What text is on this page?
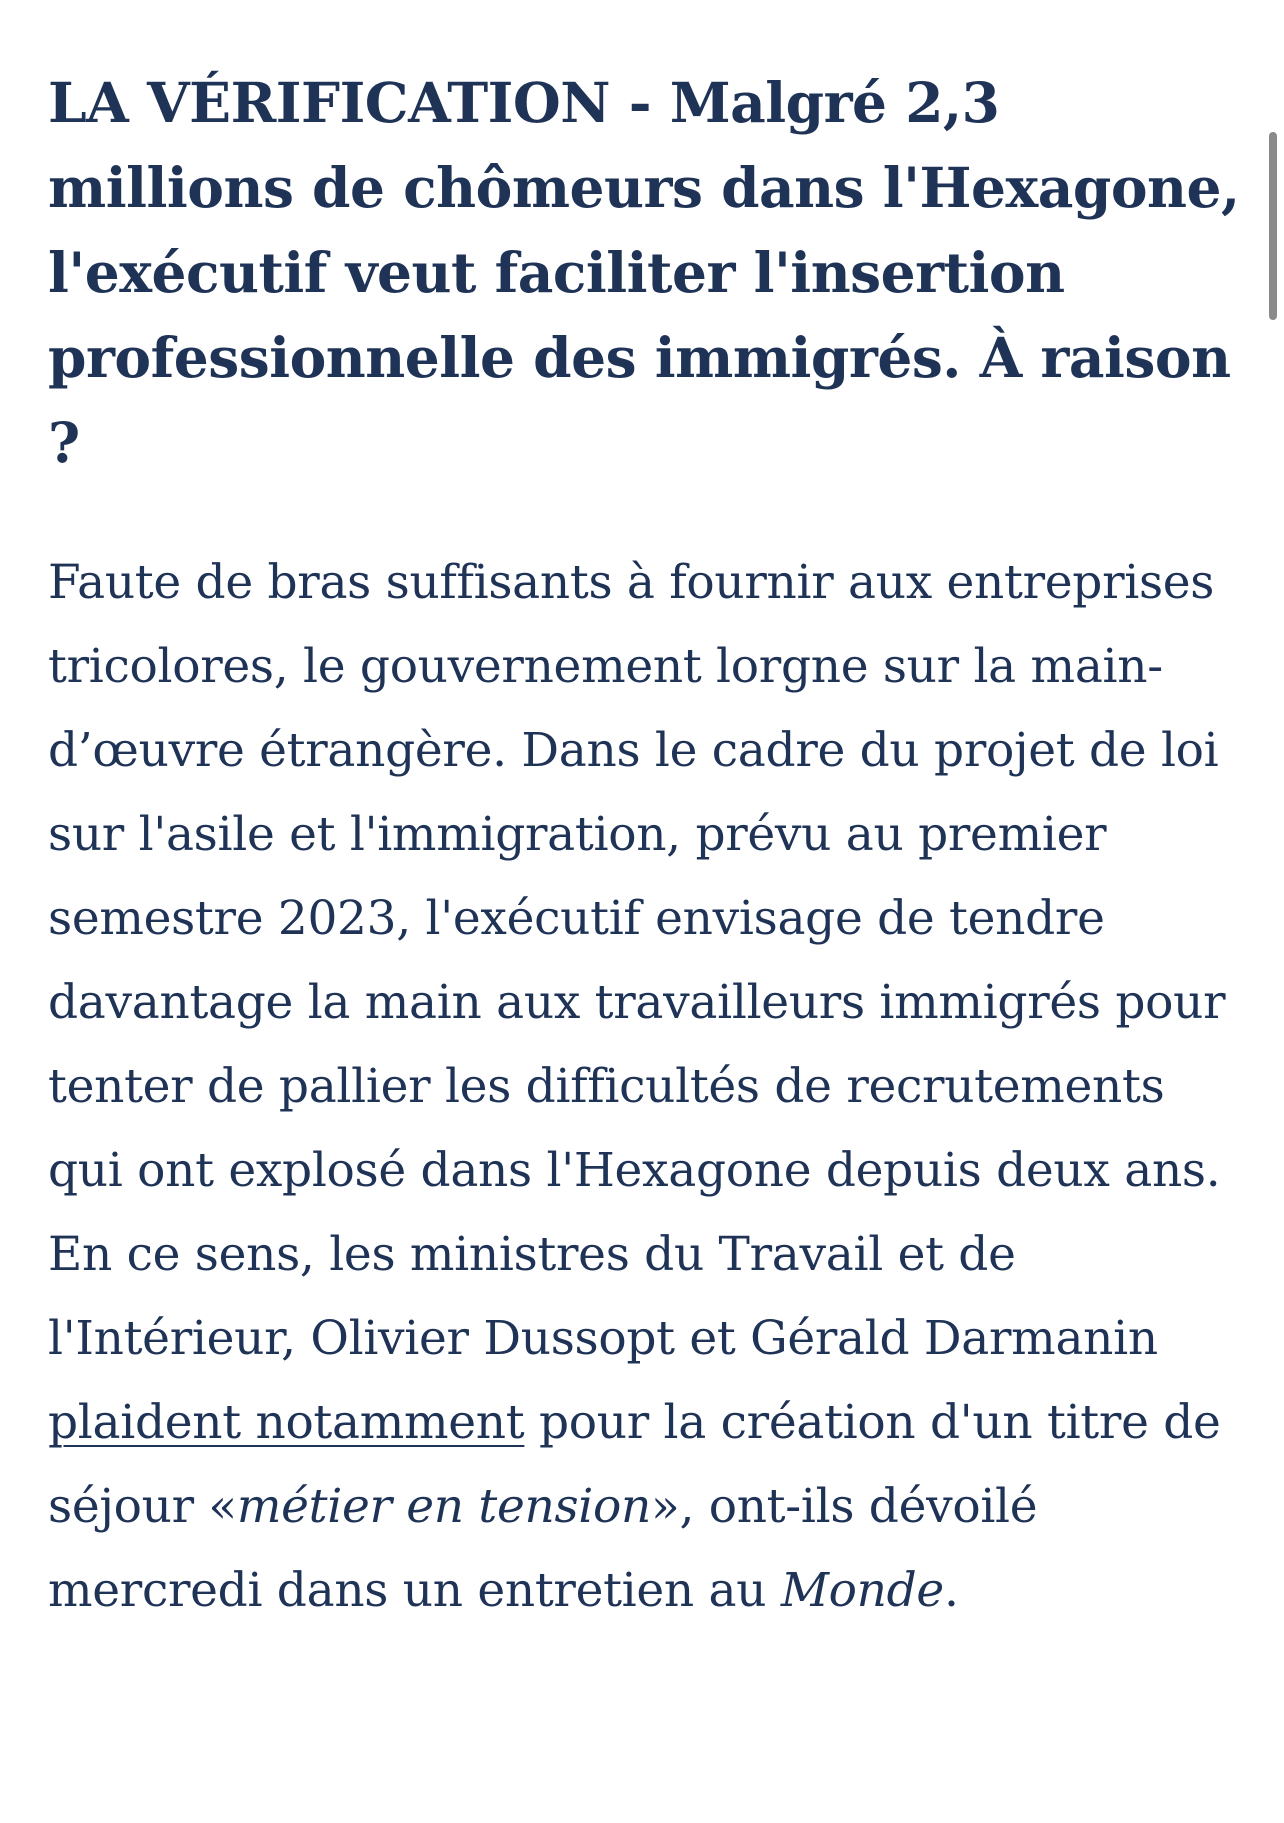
LA VÉRIFICATION - Malgré 2,3 millions de chômeurs dans l'Hexagone, l'exécutif veut faciliter l'insertion professionnelle des immigrés. À raison ?

Faute de bras suffisants à fournir aux entreprises tricolores, le gouvernement lorgne sur la main-d’œuvre étrangère. Dans le cadre du projet de loi sur l'asile et l'immigration, prévu au premier semestre 2023, l'exécutif envisage de tendre davantage la main aux travailleurs immigrés pour tenter de pallier les difficultés de recrutements qui ont explosé dans l'Hexagone depuis deux ans. En ce sens, les ministres du Travail et de l'Intérieur, Olivier Dussopt et Gérald Darmanin plaident notamment pour la création d'un titre de séjour «métier en tension», ont-ils dévoilé mercredi dans un entretien au Monde.
